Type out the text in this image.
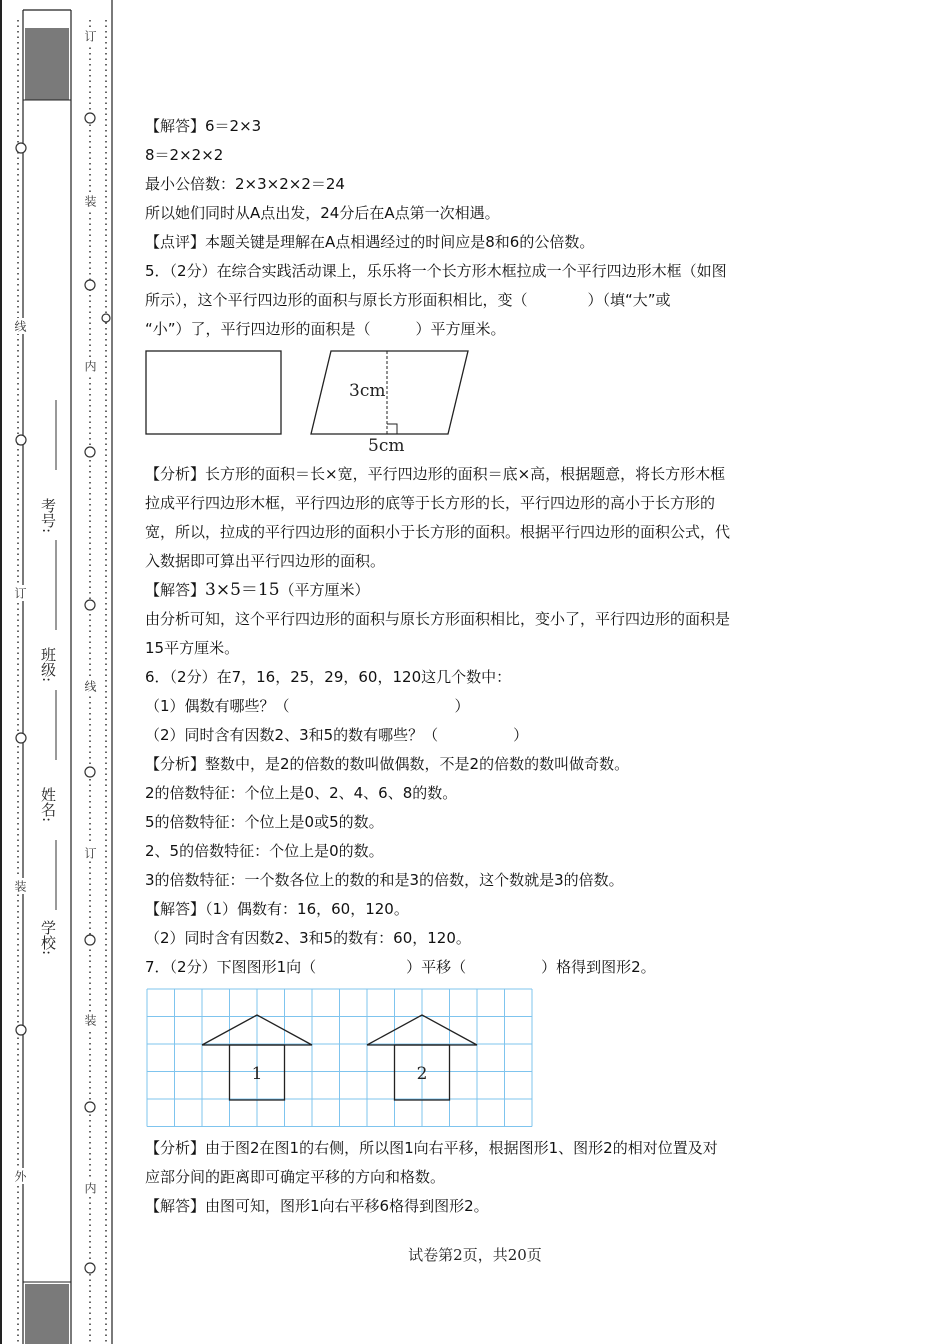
线
订
装
外
订
装
内
线
订
装
内
考号:
班级:
姓名:
学校:
【解答】6＝2×3
8＝2×2×2
最小公倍数：2×3×2×2＝24
所以她们同时从A点出发，24分后在A点第一次相遇。
【点评】本题关键是理解在A点相遇经过的时间应是8和6的公倍数。
5．（2分）在综合实践活动课上，乐乐将一个长方形木框拉成一个平行四边形木框（如图
所示），这个平行四边形的面积与原长方形面积相比，变（　　　　）（填“大”或
“小”）了，平行四边形的面积是（　　　）平方厘米。
3cm
5cm
【分析】长方形的面积＝长×宽，平行四边形的面积＝底×高，根据题意，将长方形木框
拉成平行四边形木框，平行四边形的底等于长方形的长，平行四边形的高小于长方形的
宽，所以，拉成的平行四边形的面积小于长方形的面积。根据平行四边形的面积公式，代
入数据即可算出平行四边形的面积。
【解答】3×5＝15（平方厘米）
由分析可知，这个平行四边形的面积与原长方形面积相比，变小了，平行四边形的面积是
15平方厘米。
6．（2分）在7，16，25，29，60，120这几个数中：
（1）偶数有哪些？（　　　　　　　　　　　）
（2）同时含有因数2、3和5的数有哪些？（　　　　　）
【分析】整数中，是2的倍数的数叫做偶数，不是2的倍数的数叫做奇数。
2的倍数特征：个位上是0、2、4、6、8的数。
5的倍数特征：个位上是0或5的数。
2、5的倍数特征：个位上是0的数。
3的倍数特征：一个数各位上的数的和是3的倍数，这个数就是3的倍数。
【解答】（1）偶数有：16，60，120。
（2）同时含有因数2、3和5的数有：60，120。
7．（2分）下图图形1向（　　　　　　）平移（　　　　　）格得到图形2。
1	2
【分析】由于图2在图1的右侧，所以图1向右平移，根据图形1、图形2的相对位置及对
应部分间的距离即可确定平移的方向和格数。
【解答】由图可知，图形1向右平移6格得到图形2。
试卷第2页，共20页
